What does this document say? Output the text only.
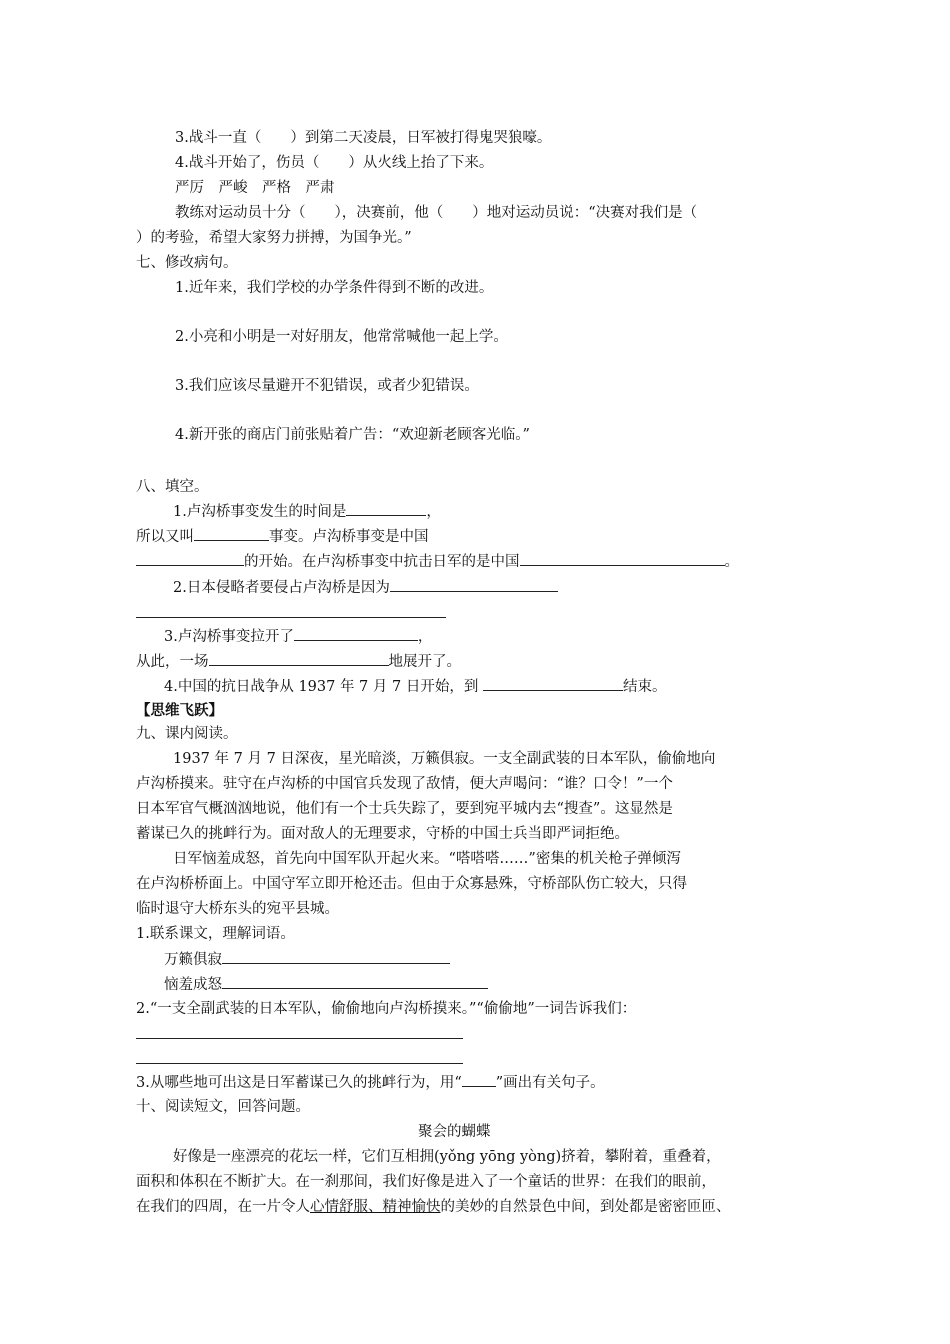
3.战斗一直（　　）到第二天凌晨，日军被打得鬼哭狼嚎。
4.战斗开始了，伤员（　　）从火线上抬了下来。
严厉　严峻　严格　严肃
教练对运动员十分（　　），决赛前，他（　　）地对运动员说：“决赛对我们是（
）的考验，希望大家努力拼搏，为国争光。”
七、修改病句。
1.近年来，我们学校的办学条件得到不断的改进。
2.小亮和小明是一对好朋友，他常常喊他一起上学。
3.我们应该尽量避开不犯错误，或者少犯错误。
4.新开张的商店门前张贴着广告：“欢迎新老顾客光临。”
八、填空。
1.卢沟桥事变发生的时间是	，
所以又叫	事变。卢沟桥事变是中国
的开始。在卢沟桥事变中抗击日军的是中国	。
2.日本侵略者要侵占卢沟桥是因为
3.卢沟桥事变拉开了	，
从此，一场	地展开了。
4.中国的抗日战争从 1937 年 7 月 7 日开始，到	结束。
【思维飞跃】
九、课内阅读。
1937 年 7 月 7 日深夜，星光暗淡，万籁俱寂。一支全副武装的日本军队，偷偷地向
卢沟桥摸来。驻守在卢沟桥的中国官兵发现了敌情，便大声喝问：“谁？口令！”一个
日本军官气概汹汹地说，他们有一个士兵失踪了，要到宛平城内去“搜查”。这显然是
蓄谋已久的挑衅行为。面对敌人的无理要求，守桥的中国士兵当即严词拒绝。
日军恼羞成怒，首先向中国军队开起火来。“嗒嗒嗒……”密集的机关枪子弹倾泻
在卢沟桥桥面上。中国守军立即开枪还击。但由于众寡悬殊，守桥部队伤亡较大，只得
临时退守大桥东头的宛平县城。
1.联系课文，理解词语。
万籁俱寂
恼羞成怒
2.“一支全副武装的日本军队，偷偷地向卢沟桥摸来。”“偷偷地”一词告诉我们：
3.从哪些地可出这是日军蓄谋已久的挑衅行为，用“ ”画出有关句子。
十、阅读短文，回答问题。
聚会的蝴蝶
好像是一座漂亮的花坛一样，它们互相拥(yǒng yōng yòng)挤着，攀附着，重叠着，
面积和体积在不断扩大。在一刹那间，我们好像是进入了一个童话的世界：在我们的眼前，
在我们的四周，在一片令人心情舒服、精神愉快的美妙的自然景色中间，到处都是密密匝匝、
